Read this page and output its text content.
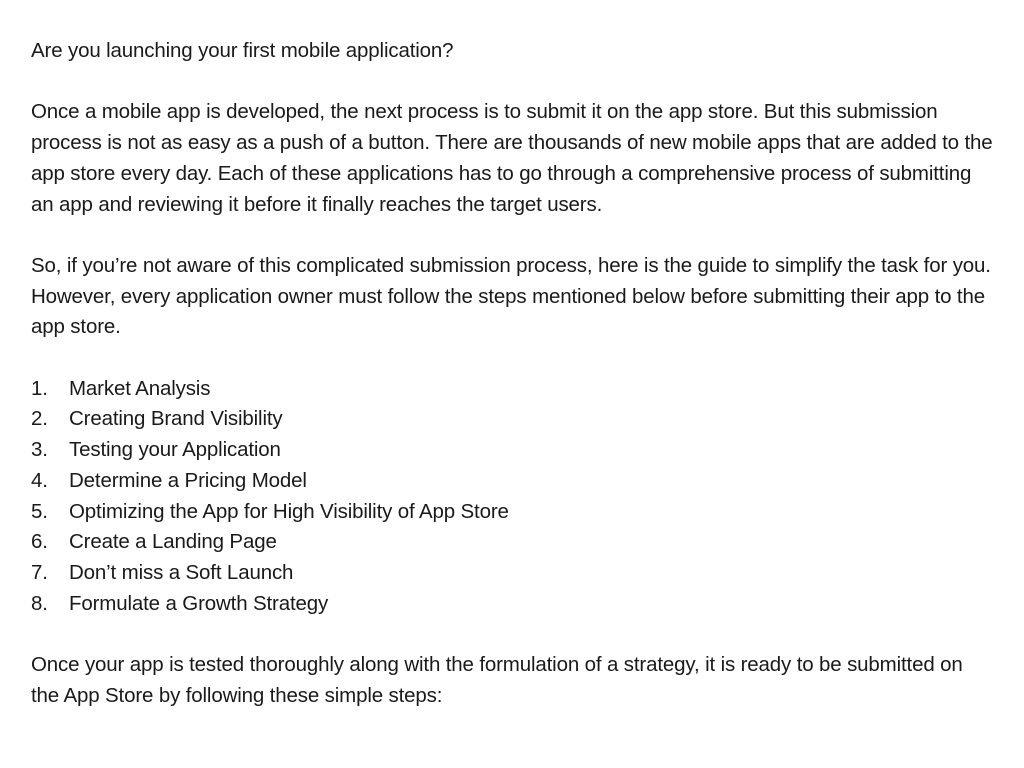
Are you launching your first mobile application?

Once a mobile app is developed, the next process is to submit it on the app store. But this submission process is not as easy as a push of a button. There are thousands of new mobile apps that are added to the app store every day. Each of these applications has to go through a comprehensive process of submitting an app and reviewing it before it finally reaches the target users.

So, if you’re not aware of this complicated submission process, here is the guide to simplify the task for you. However, every application owner must follow the steps mentioned below before submitting their app to the app store.

1.	Market Analysis
2.	Creating Brand Visibility
3.	Testing your Application
4.	Determine a Pricing Model
5.	Optimizing the App for High Visibility of App Store
6.	Create a Landing Page
7.	Don’t miss a Soft Launch
8.	Formulate a Growth Strategy

Once your app is tested thoroughly along with the formulation of a strategy, it is ready to be submitted on the App Store by following these simple steps:
